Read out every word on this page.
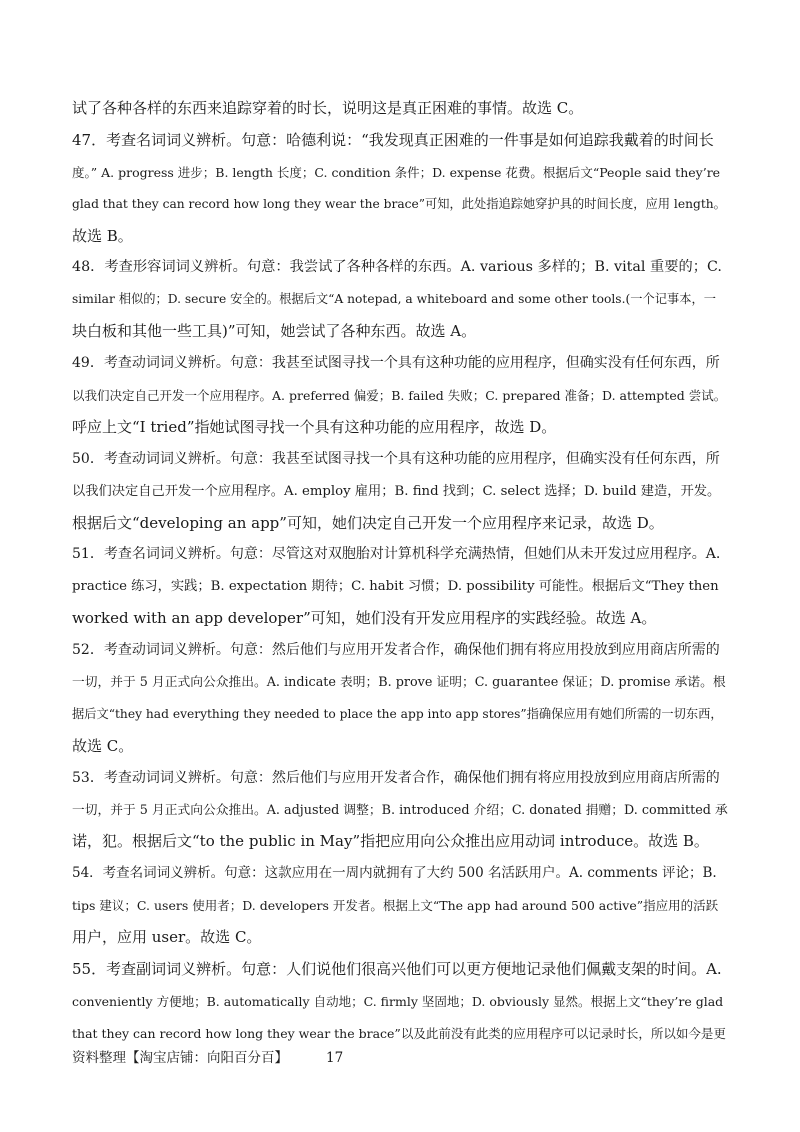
试了各种各样的东西来追踪穿着的时长，说明这是真正困难的事情。故选 C。
47．考查名词词义辨析。句意：哈德利说：“我发现真正困难的一件事是如何追踪我戴着的时间长
度。” A. progress 进步；B. length 长度；C. condition 条件；D. expense 花费。根据后文“People said they’re
glad that they can record how long they wear the brace”可知，此处指追踪她穿护具的时间长度，应用 length。
故选 B。
48．考查形容词词义辨析。句意：我尝试了各种各样的东西。A. various 多样的；B. vital 重要的；C.
similar 相似的；D. secure 安全的。根据后文“A notepad, a whiteboard and some other tools.(一个记事本，一
块白板和其他一些工具)”可知，她尝试了各种东西。故选 A。
49．考查动词词义辨析。句意：我甚至试图寻找一个具有这种功能的应用程序，但确实没有任何东西，所
以我们决定自己开发一个应用程序。A. preferred 偏爱；B. failed 失败；C. prepared 准备；D. attempted 尝试。
呼应上文“I tried”指她试图寻找一个具有这种功能的应用程序，故选 D。
50．考查动词词义辨析。句意：我甚至试图寻找一个具有这种功能的应用程序，但确实没有任何东西，所
以我们决定自己开发一个应用程序。A. employ 雇用；B. find 找到；C. select 选择；D. build 建造，开发。
根据后文“developing an app”可知，她们决定自己开发一个应用程序来记录，故选 D。
51．考查名词词义辨析。句意：尽管这对双胞胎对计算机科学充满热情，但她们从未开发过应用程序。A.
practice 练习，实践；B. expectation 期待；C. habit 习惯；D. possibility 可能性。根据后文“They then
worked with an app developer”可知，她们没有开发应用程序的实践经验。故选 A。
52．考查动词词义辨析。句意：然后他们与应用开发者合作，确保他们拥有将应用投放到应用商店所需的
一切，并于 5 月正式向公众推出。A. indicate 表明；B. prove 证明；C. guarantee 保证；D. promise 承诺。根
据后文“they had everything they needed to place the app into app stores”指确保应用有她们所需的一切东西，
故选 C。
53．考查动词词义辨析。句意：然后他们与应用开发者合作，确保他们拥有将应用投放到应用商店所需的
一切，并于 5 月正式向公众推出。A. adjusted 调整；B. introduced 介绍；C. donated 捐赠；D. committed 承
诺，犯。根据后文“to the public in May”指把应用向公众推出应用动词 introduce。故选 B。
54．考查名词词义辨析。句意：这款应用在一周内就拥有了大约 500 名活跃用户。A. comments 评论；B.
tips 建议；C. users 使用者；D. developers 开发者。根据上文“The app had around 500 active”指应用的活跃
用户，应用 user。故选 C。
55．考查副词词义辨析。句意：人们说他们很高兴他们可以更方便地记录他们佩戴支架的时间。A.
conveniently 方便地；B. automatically 自动地；C. firmly 坚固地；D. obviously 显然。根据上文“they’re glad
that they can record how long they wear the brace”以及此前没有此类的应用程序可以记录时长，所以如今是更
资料整理【淘宝店铺：向阳百分百】	17
